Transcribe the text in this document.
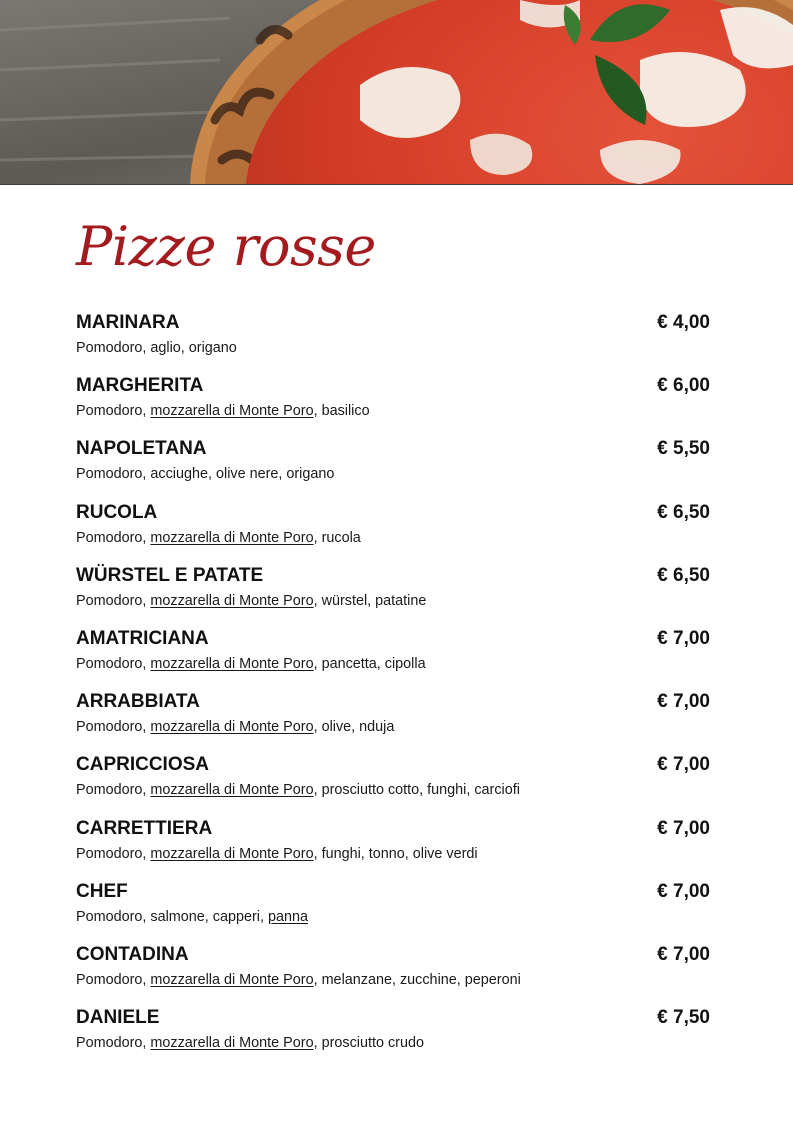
Pizze rosse
MARINARA	€ 4,00
Pomodoro, aglio, origano
MARGHERITA	€ 6,00
Pomodoro, mozzarella di Monte Poro, basilico
NAPOLETANA	€ 5,50
Pomodoro, acciughe, olive nere, origano
RUCOLA	€ 6,50
Pomodoro, mozzarella di Monte Poro, rucola
WÜRSTEL E PATATE	€ 6,50
Pomodoro, mozzarella di Monte Poro, würstel, patatine
AMATRICIANA	€ 7,00
Pomodoro, mozzarella di Monte Poro, pancetta, cipolla
ARRABBIATA	€ 7,00
Pomodoro, mozzarella di Monte Poro, olive, nduja
CAPRICCIOSA	€ 7,00
Pomodoro, mozzarella di Monte Poro, prosciutto cotto, funghi, carciofi
CARRETTIERA	€ 7,00
Pomodoro, mozzarella di Monte Poro, funghi, tonno, olive verdi
CHEF	€ 7,00
Pomodoro, salmone, capperi, panna
CONTADINA	€ 7,00
Pomodoro, mozzarella di Monte Poro, melanzane, zucchine, peperoni
DANIELE	€ 7,50
Pomodoro, mozzarella di Monte Poro, prosciutto crudo
